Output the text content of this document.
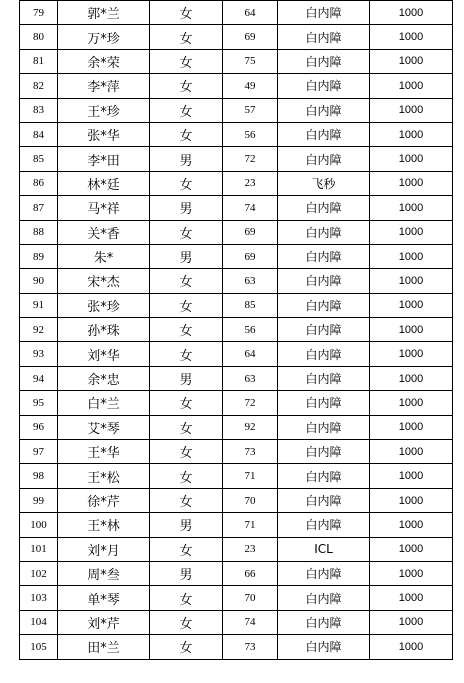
79	郭*兰	女	64	白内障	1000
80	万*珍	女	69	白内障	1000
81	余*荣	女	75	白内障	1000
82	李*萍	女	49	白内障	1000
83	王*珍	女	57	白内障	1000
84	张*华	女	56	白内障	1000
85	李*田	男	72	白内障	1000
86	林*廷	女	23	飞秒	1000
87	马*祥	男	74	白内障	1000
88	关*香	女	69	白内障	1000
89	朱*	男	69	白内障	1000
90	宋*杰	女	63	白内障	1000
91	张*珍	女	85	白内障	1000
92	孙*珠	女	56	白内障	1000
93	刘*华	女	64	白内障	1000
94	余*忠	男	63	白内障	1000
95	白*兰	女	72	白内障	1000
96	艾*琴	女	92	白内障	1000
97	王*华	女	73	白内障	1000
98	王*松	女	71	白内障	1000
99	徐*芹	女	70	白内障	1000
100	王*林	男	71	白内障	1000
101	刘*月	女	23	ICL	1000
102	周*叁	男	66	白内障	1000
103	单*琴	女	70	白内障	1000
104	刘*芹	女	74	白内障	1000
105	田*兰	女	73	白内障	1000
